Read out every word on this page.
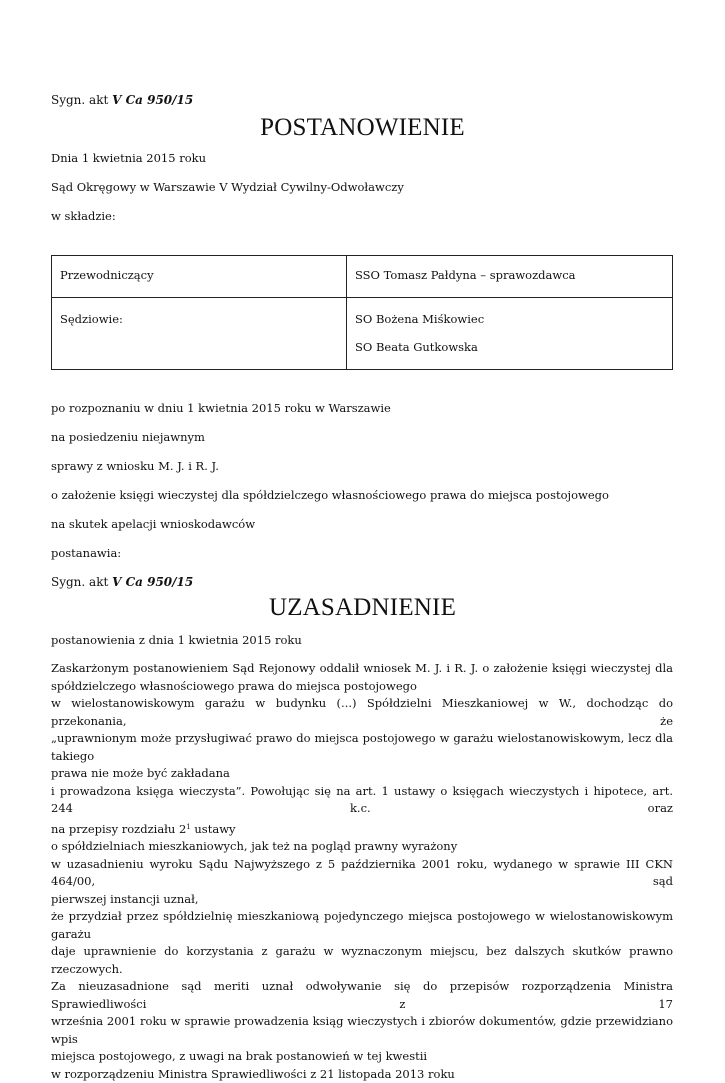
Sygn. akt V Ca 950/15
POSTANOWIENIE
Dnia 1 kwietnia 2015 roku
Sąd Okręgowy w Warszawie V Wydział Cywilny-Odwoławczy
w składzie:
Przewodniczący	SSO Tomasz Pałdyna – sprawozdawca
Sędziowie:	SO Bożena Miśkowiec
SO Beata Gutkowska
po rozpoznaniu w dniu 1 kwietnia 2015 roku w Warszawie
na posiedzeniu niejawnym
sprawy z wniosku M. J. i R. J.
o założenie księgi wieczystej dla spółdzielczego własnościowego prawa do miejsca postojowego
na skutek apelacji wnioskodawców
postanawia:
Sygn. akt V Ca 950/15
UZASADNIENIE
postanowienia z dnia 1 kwietnia 2015 roku
Zaskarżonym postanowieniem Sąd Rejonowy oddalił wniosek M. J. i R. J. o założenie księgi wieczystej dla
spółdzielczego własnościowego prawa do miejsca postojowego
w wielostanowiskowym garażu w budynku (...) Spółdzielni Mieszkaniowej w W., dochodząc do przekonania, że
„uprawnionym może przysługiwać prawo do miejsca postojowego w garażu wielostanowiskowym, lecz dla takiego
prawa nie może być zakładana
i prowadzona księga wieczysta”. Powołując się na art. 1 ustawy o księgach wieczystych i hipotece, art. 244 k.c. oraz
na przepisy rozdziału $2^1$ ustawy
o spółdzielniach mieszkaniowych, jak też na pogląd prawny wyrażony
w uzasadnieniu wyroku Sądu Najwyższego z 5 października 2001 roku, wydanego w sprawie III CKN 464/00, sąd
pierwszej instancji uznał,
że przydział przez spółdzielnię mieszkaniową pojedynczego miejsca postojowego w wielostanowiskowym garażu
daje uprawnienie do korzystania z garażu w wyznaczonym miejscu, bez dalszych skutków prawno rzeczowych.
Za nieuzasadnione sąd meriti uznał odwoływanie się do przepisów rozporządzenia Ministra Sprawiedliwości z 17
września 2001 roku w sprawie prowadzenia ksiąg wieczystych i zbiorów dokumentów, gdzie przewidziano wpis
miejsca postojowego, z uwagi na brak postanowień w tej kwestii
w rozporządzeniu Ministra Sprawiedliwości z 21 listopada 2013 roku
